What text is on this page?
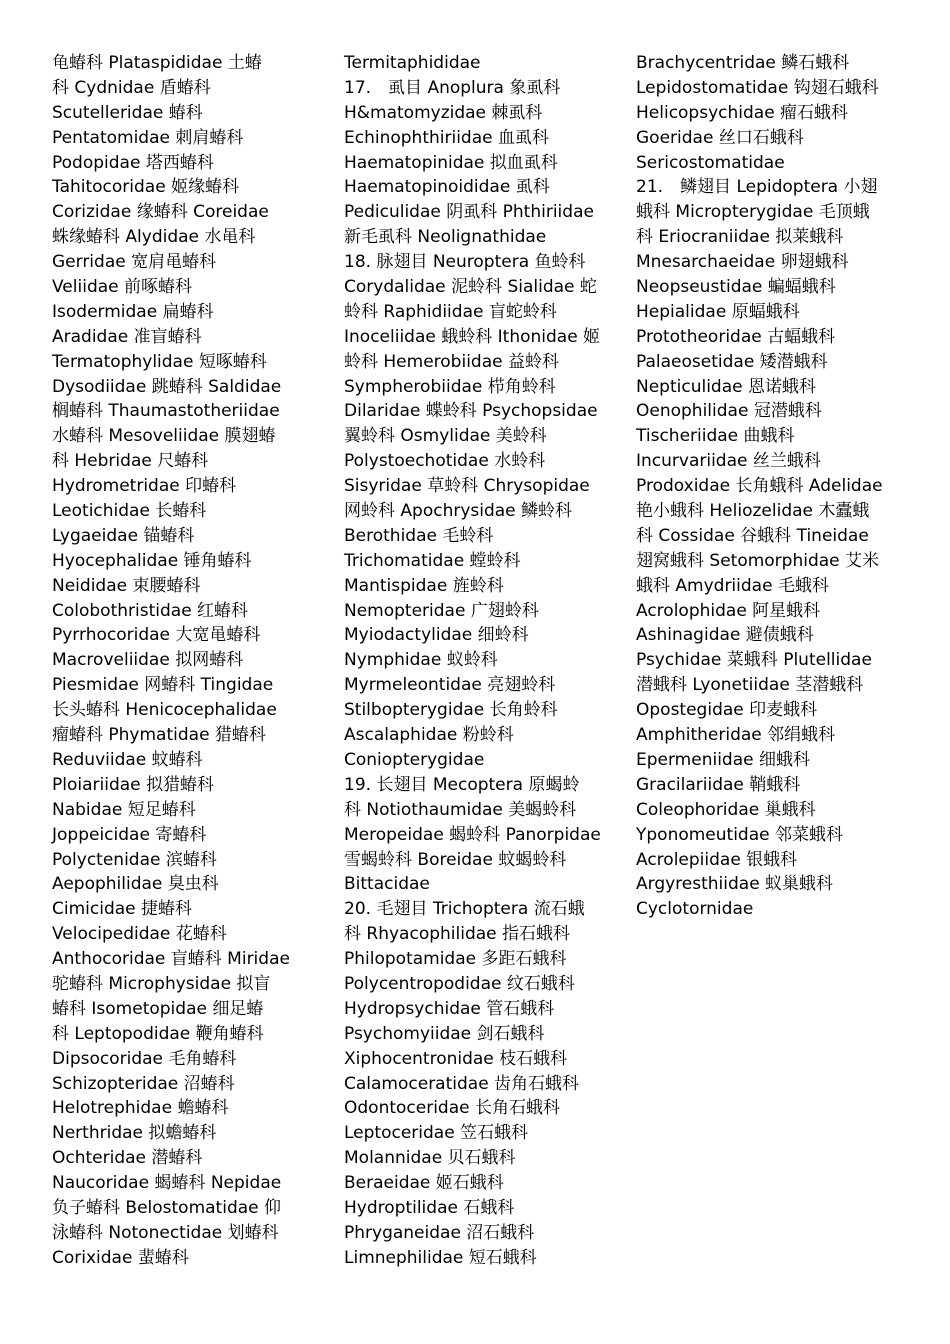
龟蝽科 Plataspididae 土蝽
科 Cydnidae 盾蝽科
Scutelleridae 蝽科
Pentatomidae 刺肩蝽科
Podopidae 塔西蝽科
Tahitocoridae 姬缘蝽科
Corizidae 缘蝽科 Coreidae
蛛缘蝽科 Alydidae 水黾科
Gerridae 宽肩黾蝽科
Veliidae 前啄蝽科
Isodermidae 扁蝽科
Aradidae 准盲蝽科
Termatophylidae 短啄蝽科
Dysodiidae 跳蝽科 Saldidae
榈蝽科 Thaumastotheriidae
水蝽科 Mesoveliidae 膜翅蝽
科 Hebridae 尺蝽科
Hydrometridae 印蝽科
Leotichidae 长蝽科
Lygaeidae 锚蝽科
Hyocephalidae 锤角蝽科
Neididae 束腰蝽科
Colobothristidae 红蝽科
Pyrrhocoridae 大宽黾蝽科
Macroveliidae 拟网蝽科
Piesmidae 网蝽科 Tingidae
长头蝽科 Henicocephalidae
瘤蝽科 Phymatidae 猎蝽科
Reduviidae 蚊蝽科
Ploiariidae 拟猎蝽科
Nabidae 短足蝽科
Joppeicidae 寄蝽科
Polyctenidae 滨蝽科
Aepophilidae 臭虫科
Cimicidae 捷蝽科
Velocipedidae 花蝽科
Anthocoridae 盲蝽科 Miridae
驼蝽科 Microphysidae 拟盲
蝽科 Isometopidae 细足蝽
科 Leptopodidae 鞭角蝽科
Dipsocoridae 毛角蝽科
Schizopteridae 沼蝽科
Helotrephidae 蟾蝽科
Nerthridae 拟蟾蝽科
Ochteridae 潜蝽科
Naucoridae 蝎蝽科 Nepidae
负子蝽科 Belostomatidae 仰
泳蝽科 Notonectidae 划蝽科
Corixidae 蜚蝽科
Termitaphididae
17.　虱目 Anoplura 象虱科
H&matomyzidae 棘虱科
Echinophthiriidae 血虱科
Haematopinidae 拟血虱科
Haematopinoididae 虱科
Pediculidae 阴虱科 Phthiriidae
新毛虱科 Neolignathidae
18. 脉翅目 Neuroptera 鱼蛉科
Corydalidae 泥蛉科 Sialidae 蛇
蛉科 Raphidiidae 盲蛇蛉科
Inoceliidae 蛾蛉科 Ithonidae 姬
蛉科 Hemerobiidae 益蛉科
Sympherobiidae 栉角蛉科
Dilaridae 蝶蛉科 Psychopsidae
翼蛉科 Osmylidae 美蛉科
Polystoechotidae 水蛉科
Sisyridae 草蛉科 Chrysopidae
网蛉科 Apochrysidae 鳞蛉科
Berothidae 毛蛉科
Trichomatidae 螳蛉科
Mantispidae 旌蛉科
Nemopteridae 广翅蛉科
Myiodactylidae 细蛉科
Nymphidae 蚁蛉科
Myrmeleontidae 亮翅蛉科
Stilbopterygidae 长角蛉科
Ascalaphidae 粉蛉科
Coniopterygidae
19. 长翅目 Mecoptera 原蝎蛉
科 Notiothaumidae 美蝎蛉科
Meropeidae 蝎蛉科 Panorpidae
雪蝎蛉科 Boreidae 蚊蝎蛉科
Bittacidae
20. 毛翅目 Trichoptera 流石蛾
科 Rhyacophilidae 指石蛾科
Philopotamidae 多距石蛾科
Polycentropodidae 纹石蛾科
Hydropsychidae 管石蛾科
Psychomyiidae 剑石蛾科
Xiphocentronidae 枝石蛾科
Calamoceratidae 齿角石蛾科
Odontoceridae 长角石蛾科
Leptoceridae 笠石蛾科
Molannidae 贝石蛾科
Beraeidae 姬石蛾科
Hydroptilidae 石蛾科
Phryganeidae 沼石蛾科
Limnephilidae 短石蛾科
Brachycentridae 鳞石蛾科
Lepidostomatidae 钩翅石蛾科
Helicopsychidae 瘤石蛾科
Goeridae 丝口石蛾科
Sericostomatidae
21.　鳞翅目 Lepidoptera 小翅
蛾科 Micropterygidae 毛顶蛾
科 Eriocraniidae 拟莱蛾科
Mnesarchaeidae 卵翅蛾科
Neopseustidae 蝙蝠蛾科
Hepialidae 原蝠蛾科
Prototheoridae 古蝠蛾科
Palaeosetidae 矮潜蛾科
Nepticulidae 恩诺蛾科
Oenophilidae 冠潜蛾科
Tischeriidae 曲蛾科
Incurvariidae 丝兰蛾科
Prodoxidae 长角蛾科 Adelidae
艳小蛾科 Heliozelidae 木蠹蛾
科 Cossidae 谷蛾科 Tineidae
翅窝蛾科 Setomorphidae 艾米
蛾科 Amydriidae 毛蛾科
Acrolophidae 阿星蛾科
Ashinagidae 避债蛾科
Psychidae 菜蛾科 Plutellidae
潜蛾科 Lyonetiidae 茎潜蛾科
Opostegidae 印麦蛾科
Amphitheridae 邻绢蛾科
Epermeniidae 细蛾科
Gracilariidae 鞘蛾科
Coleophoridae 巢蛾科
Yponomeutidae 邻菜蛾科
Acrolepiidae 银蛾科
Argyresthiidae 蚁巢蛾科
Cyclotornidae
